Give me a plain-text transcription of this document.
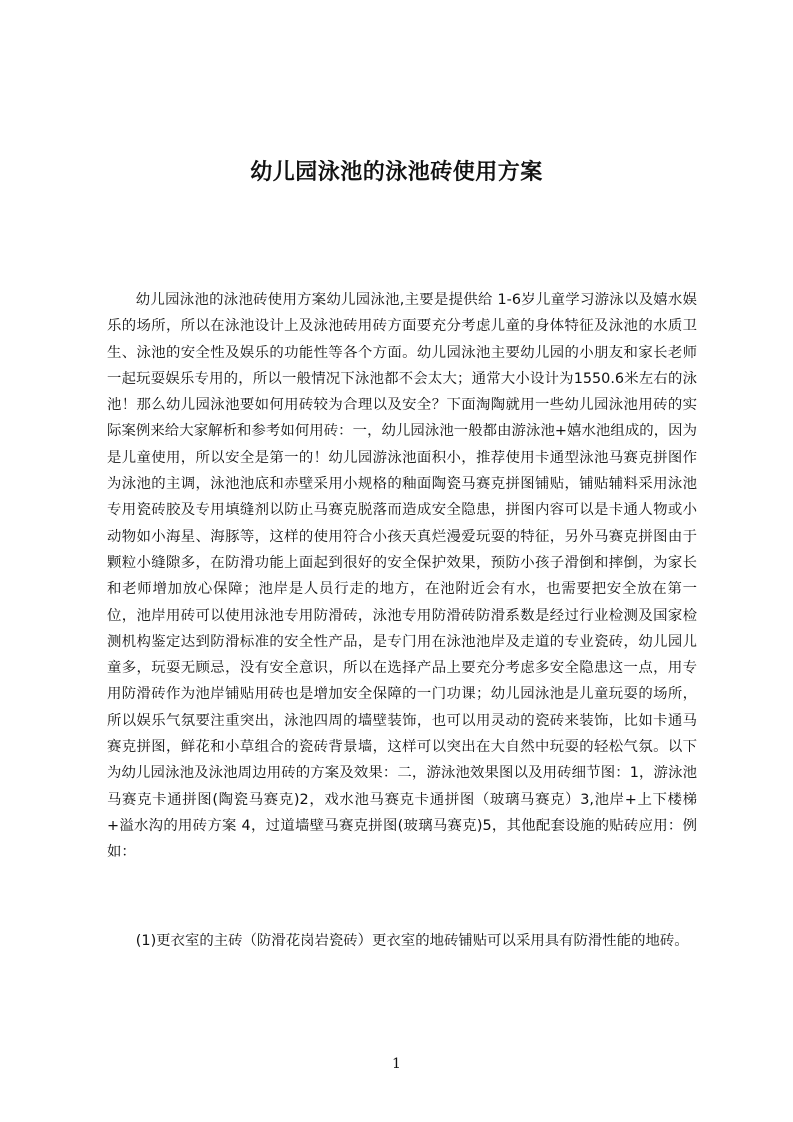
幼儿园泳池的泳池砖使用方案

幼儿园泳池的泳池砖使用方案幼儿园泳池,主要是提供给 1-6岁儿童学习游泳以及嬉水娱乐的场所，所以在泳池设计上及泳池砖用砖方面要充分考虑儿童的身体特征及泳池的水质卫生、泳池的安全性及娱乐的功能性等各个方面。幼儿园泳池主要幼儿园的小朋友和家长老师一起玩耍娱乐专用的，所以一般情况下泳池都不会太大；通常大小设计为1550.6米左右的泳池！那么幼儿园泳池要如何用砖较为合理以及安全？下面淘陶就用一些幼儿园泳池用砖的实际案例来给大家解析和参考如何用砖：一，幼儿园泳池一般都由游泳池+嬉水池组成的，因为是儿童使用，所以安全是第一的！幼儿园游泳池面积小，推荐使用卡通型泳池马赛克拼图作为泳池的主调，泳池池底和赤壁采用小规格的釉面陶瓷马赛克拼图铺贴，铺贴辅料采用泳池专用瓷砖胶及专用填缝剂以防止马赛克脱落而造成安全隐患，拼图内容可以是卡通人物或小动物如小海星、海豚等，这样的使用符合小孩天真烂漫爱玩耍的特征，另外马赛克拼图由于颗粒小缝隙多，在防滑功能上面起到很好的安全保护效果，预防小孩子滑倒和摔倒，为家长和老师增加放心保障；池岸是人员行走的地方，在池附近会有水，也需要把安全放在第一位，池岸用砖可以使用泳池专用防滑砖，泳池专用防滑砖防滑系数是经过行业检测及国家检测机构鉴定达到防滑标准的安全性产品，是专门用在泳池池岸及走道的专业瓷砖，幼儿园儿童多，玩耍无顾忌，没有安全意识，所以在选择产品上要充分考虑多安全隐患这一点，用专用防滑砖作为池岸铺贴用砖也是增加安全保障的一门功课；幼儿园泳池是儿童玩耍的场所，所以娱乐气氛要注重突出，泳池四周的墙壁装饰，也可以用灵动的瓷砖来装饰，比如卡通马赛克拼图，鲜花和小草组合的瓷砖背景墙，这样可以突出在大自然中玩耍的轻松气氛。以下为幼儿园泳池及泳池周边用砖的方案及效果：二，游泳池效果图以及用砖细节图：1，游泳池马赛克卡通拼图(陶瓷马赛克)2，戏水池马赛克卡通拼图（玻璃马赛克）3,池岸+上下楼梯+溢水沟的用砖方案 4，过道墙壁马赛克拼图(玻璃马赛克)5，其他配套设施的贴砖应用：例如：

(1)更衣室的主砖（防滑花岗岩瓷砖）更衣室的地砖铺贴可以采用具有防滑性能的地砖。

1
